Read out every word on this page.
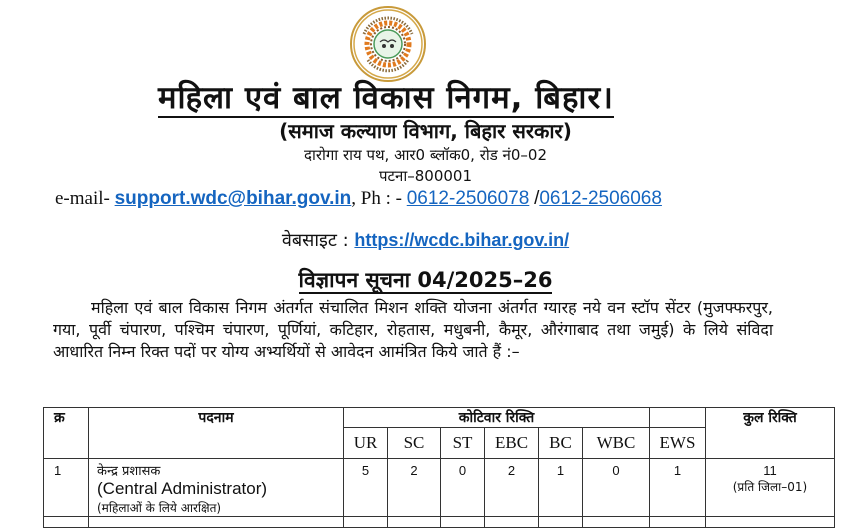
महिला एवं बाल विकास निगम, बिहार।
(समाज कल्याण विभाग, बिहार सरकार)
दारोगा राय पथ, आर0 ब्लॉक0, रोड नं0–02
पटना–800001
e-mail- support.wdc@bihar.gov.in, Ph : - 0612-2506078 /0612-2506068
वेबसाइट : https://wcdc.bihar.gov.in/
विज्ञापन सूचना 04/2025–26
महिला एवं बाल विकास निगम अंतर्गत संचालित मिशन शक्ति योजना अंतर्गत ग्यारह नये वन स्टॉप सेंटर (मुजफ्फरपुर, गया, पूर्वी चंपारण, पश्चिम चंपारण, पूर्णियां, कटिहार, रोहतास, मधुबनी, कैमूर, औरंगाबाद तथा जमुई) के लिये संविदा आधारित निम्न रिक्त पदों पर योग्य अभ्यर्थियों से आवेदन आमंत्रित किये जाते हैं :–
क्र	पदनाम	कोटिवार रिक्ति							कुल रिक्ति
		UR	SC	ST	EBC	BC	WBC	EWS	
1	केन्द्र प्रशासक
(Central Administrator)
(महिलाओं के लिये आरक्षित)	5	2	0	2	1	0	1	11
(प्रति जिला–01)
